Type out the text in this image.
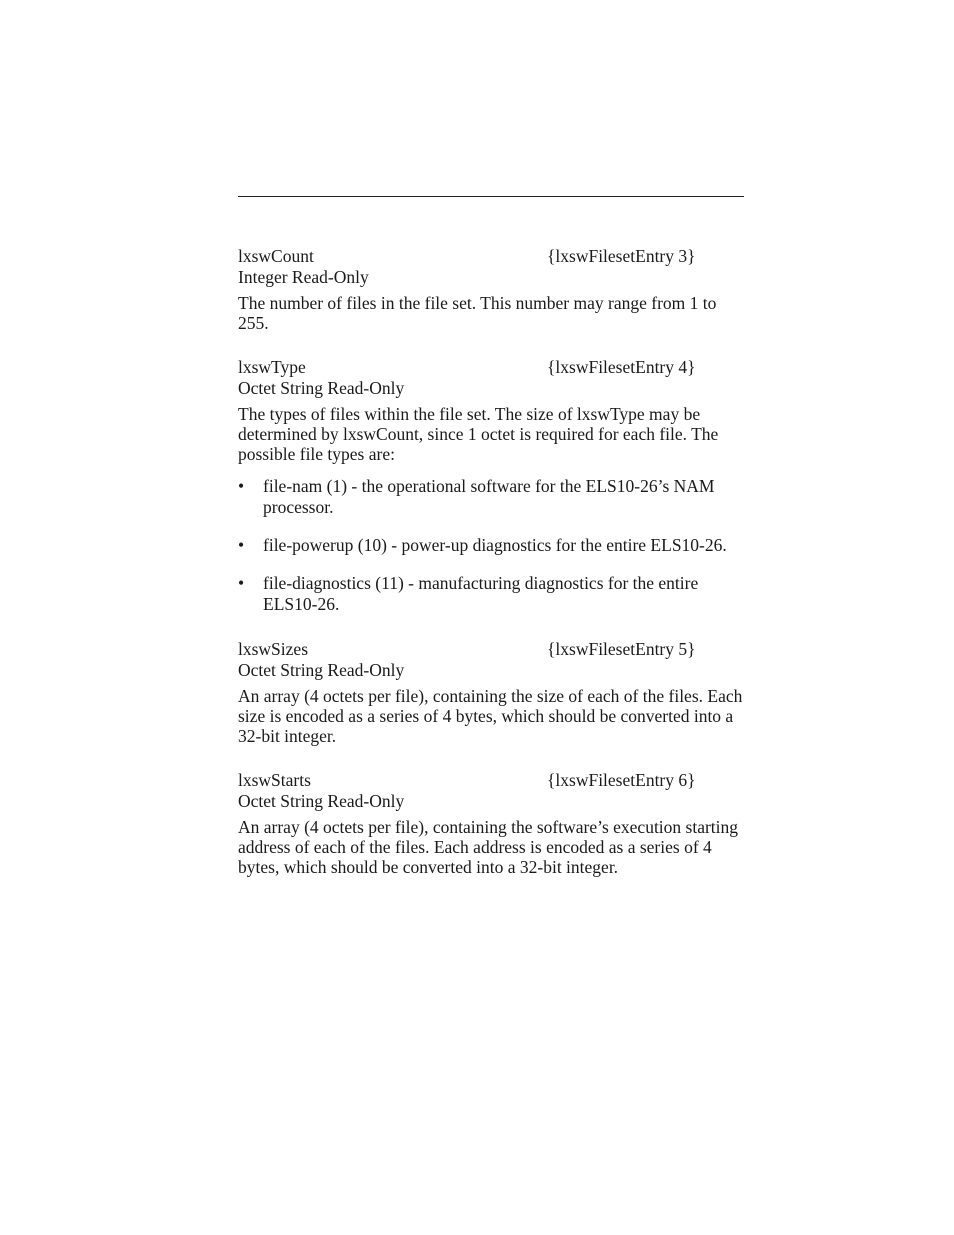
lxswCount	{lxswFilesetEntry 3}
Integer Read-Only
The number of files in the file set. This number may range from 1 to 255.
lxswType	{lxswFilesetEntry 4}
Octet String Read-Only
The types of files within the file set. The size of lxswType may be determined by lxswCount, since 1 octet is required for each file. The possible file types are:
• file-nam (1) - the operational software for the ELS10-26’s NAM processor.
• file-powerup (10) - power-up diagnostics for the entire ELS10-26.
• file-diagnostics (11) - manufacturing diagnostics for the entire ELS10-26.
lxswSizes	{lxswFilesetEntry 5}
Octet String Read-Only
An array (4 octets per file), containing the size of each of the files. Each size is encoded as a series of 4 bytes, which should be converted into a 32-bit integer.
lxswStarts	{lxswFilesetEntry 6}
Octet String Read-Only
An array (4 octets per file), containing the software’s execution starting address of each of the files. Each address is encoded as a series of 4 bytes, which should be converted into a 32-bit integer.
